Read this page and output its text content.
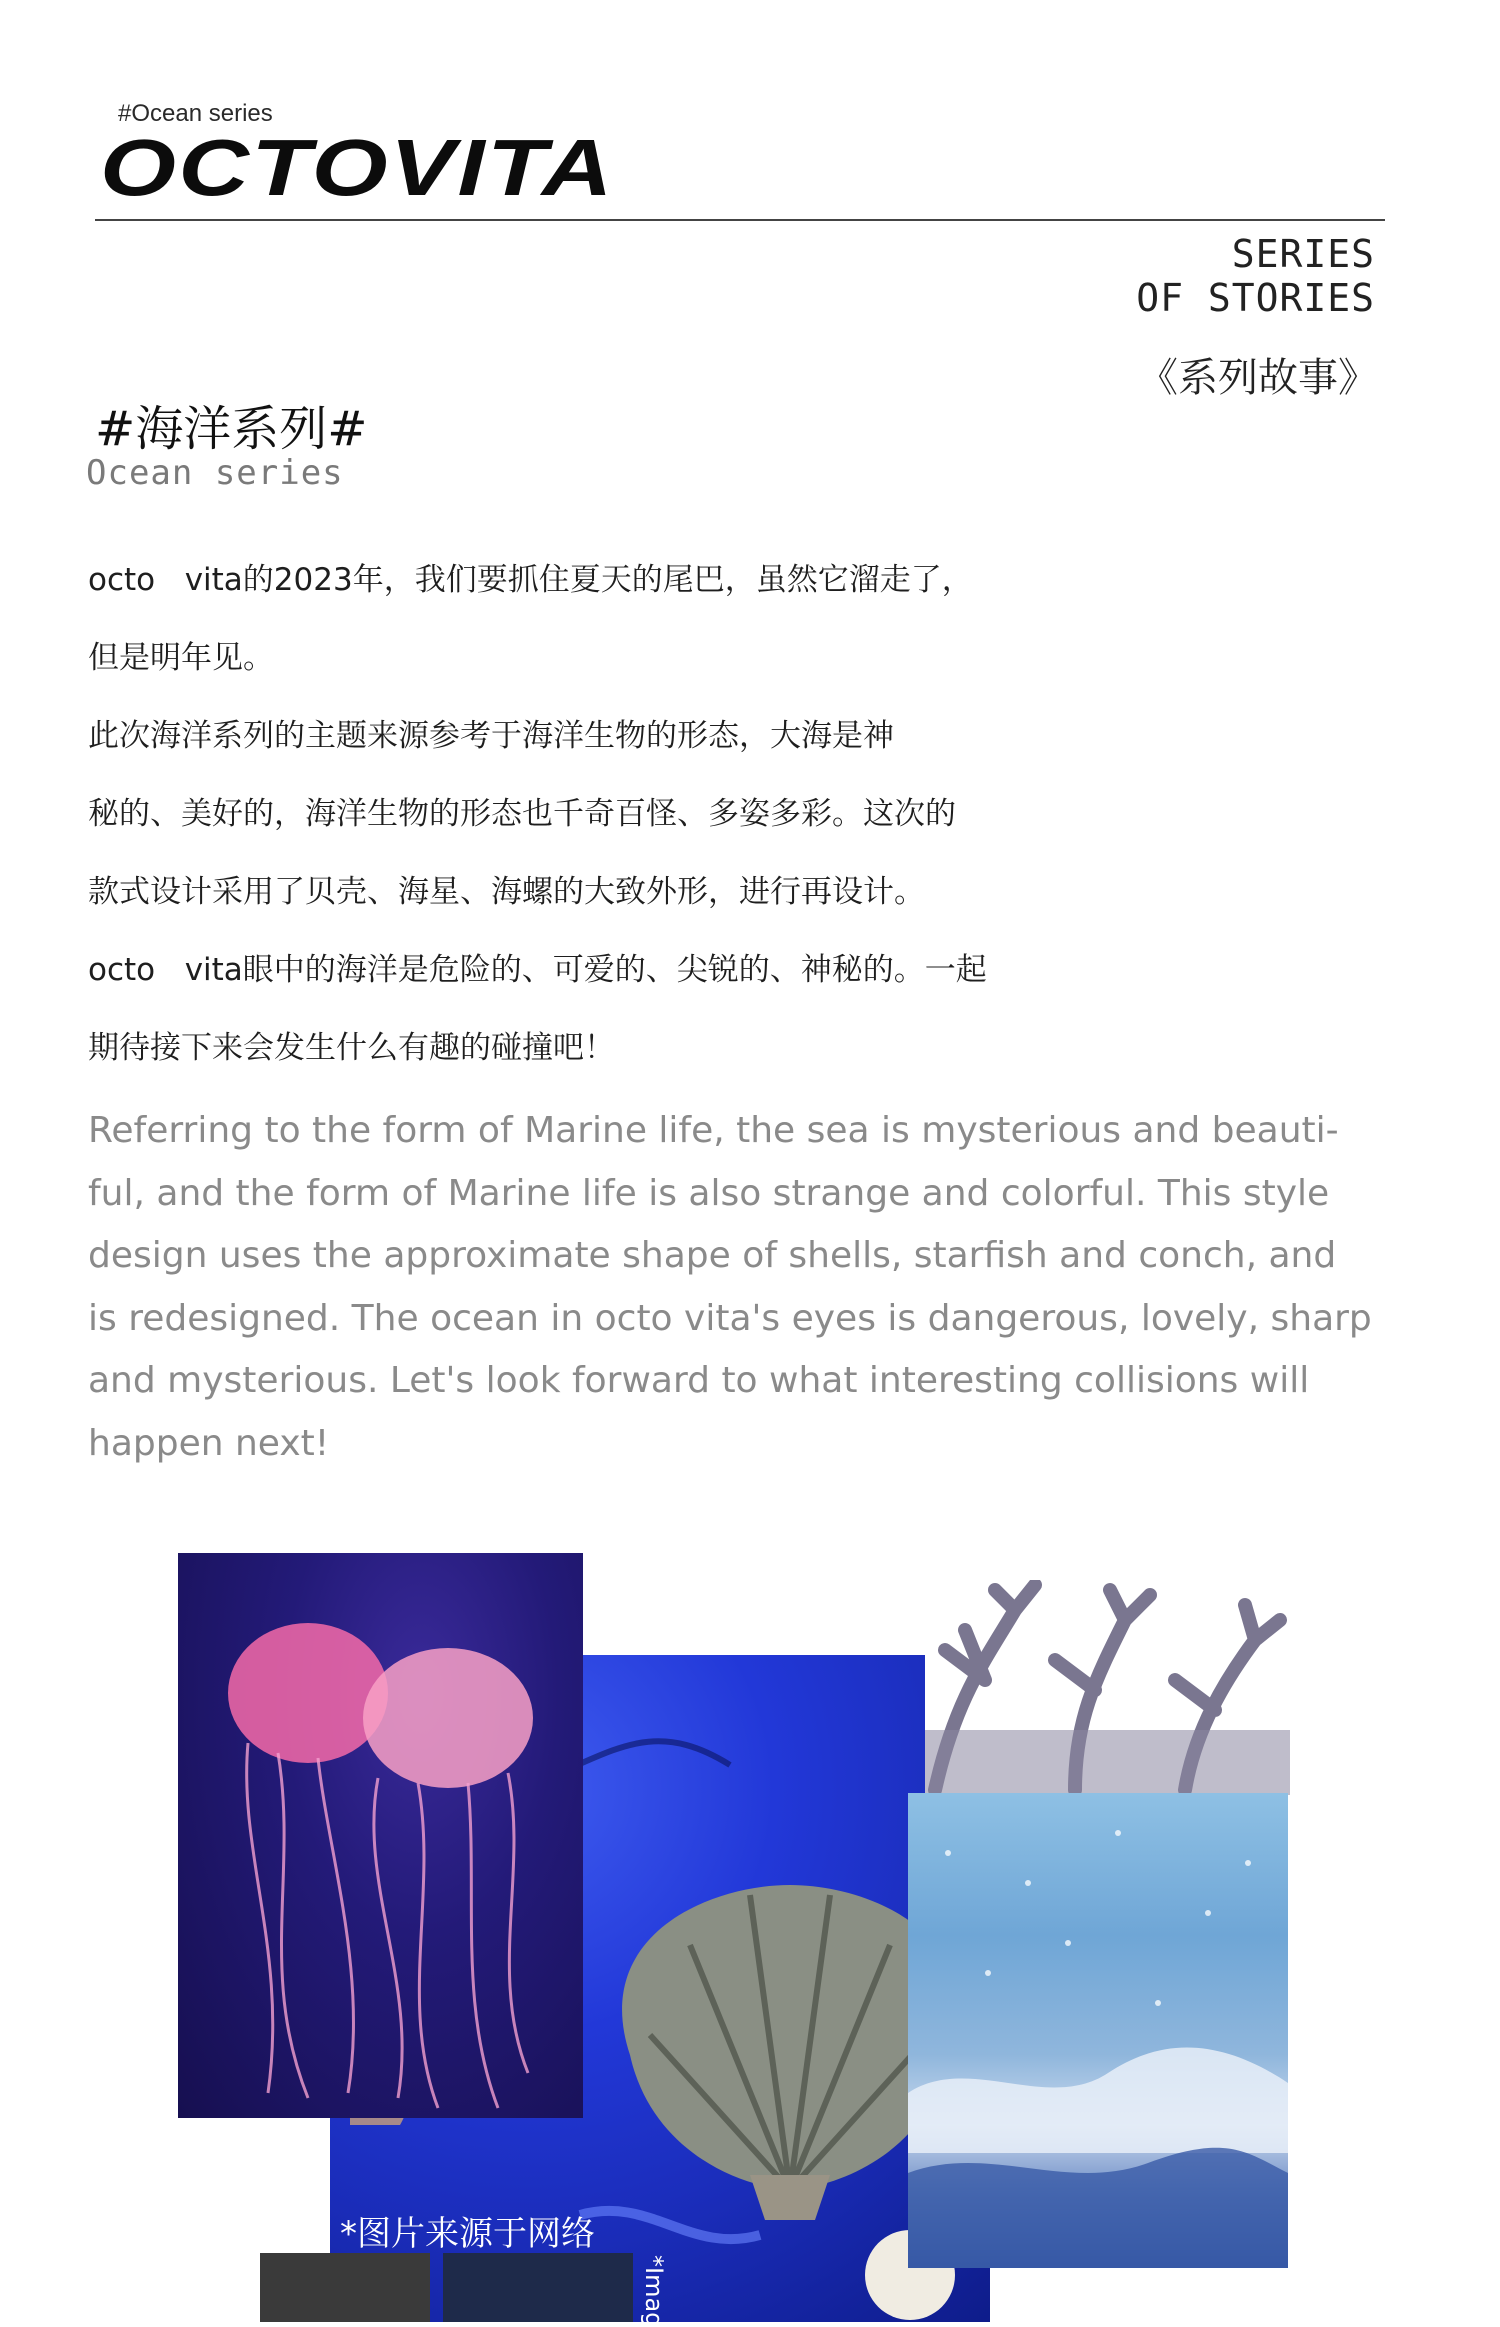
#Ocean series
OCTOVITA
SERIES
OF STORIES
《系列故事》
#海洋系列#
Ocean series
octo   vita的2023年，我们要抓住夏天的尾巴，虽然它溜走了，
但是明年见。
此次海洋系列的主题来源参考于海洋生物的形态，大海是神
秘的、美好的，海洋生物的形态也千奇百怪、多姿多彩。这次的
款式设计采用了贝壳、海星、海螺的大致外形，进行再设计。
octo   vita眼中的海洋是危险的、可爱的、尖锐的、神秘的。一起
期待接下来会发生什么有趣的碰撞吧！
Referring to the form of Marine life, the sea is mysterious and beauti-
ful, and the form of Marine life is also strange and colorful. This style
design uses the approximate shape of shells, starfish and conch, and
is redesigned. The ocean in octo vita's eyes is dangerous, lovely, sharp
and mysterious. Let's look forward to what interesting collisions will
happen next!
*图片来源于网络
*Imag
